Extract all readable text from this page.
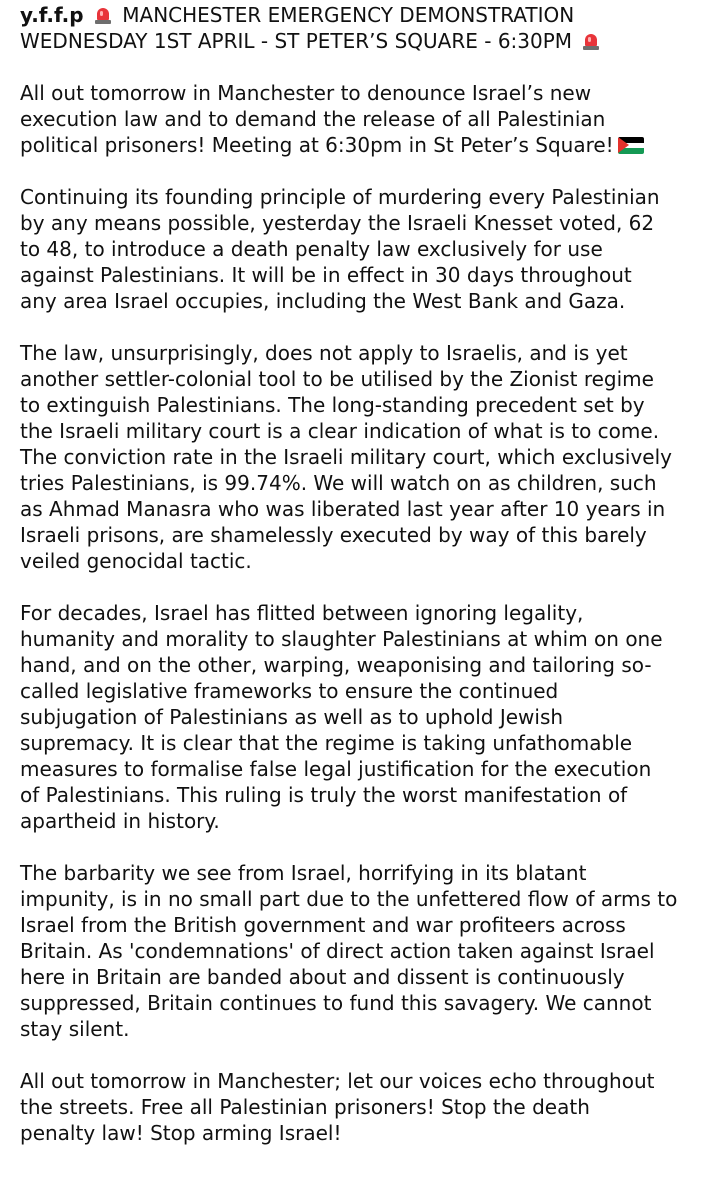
y.f.f.p MANCHESTER EMERGENCY DEMONSTRATION
WEDNESDAY 1ST APRIL - ST PETER’S SQUARE - 6:30PM
All out tomorrow in Manchester to denounce Israel’s new
execution law and to demand the release of all Palestinian
political prisoners! Meeting at 6:30pm in St Peter’s Square!
Continuing its founding principle of murdering every Palestinian
by any means possible, yesterday the Israeli Knesset voted, 62
to 48, to introduce a death penalty law exclusively for use
against Palestinians. It will be in effect in 30 days throughout
any area Israel occupies, including the West Bank and Gaza.
The law, unsurprisingly, does not apply to Israelis, and is yet
another settler-colonial tool to be utilised by the Zionist regime
to extinguish Palestinians. The long-standing precedent set by
the Israeli military court is a clear indication of what is to come.
The conviction rate in the Israeli military court, which exclusively
tries Palestinians, is 99.74%. We will watch on as children, such
as Ahmad Manasra who was liberated last year after 10 years in
Israeli prisons, are shamelessly executed by way of this barely
veiled genocidal tactic.
For decades, Israel has flitted between ignoring legality,
humanity and morality to slaughter Palestinians at whim on one
hand, and on the other, warping, weaponising and tailoring so-
called legislative frameworks to ensure the continued
subjugation of Palestinians as well as to uphold Jewish
supremacy. It is clear that the regime is taking unfathomable
measures to formalise false legal justification for the execution
of Palestinians. This ruling is truly the worst manifestation of
apartheid in history.
The barbarity we see from Israel, horrifying in its blatant
impunity, is in no small part due to the unfettered flow of arms to
Israel from the British government and war profiteers across
Britain. As 'condemnations' of direct action taken against Israel
here in Britain are banded about and dissent is continuously
suppressed, Britain continues to fund this savagery. We cannot
stay silent.
All out tomorrow in Manchester; let our voices echo throughout
the streets. Free all Palestinian prisoners! Stop the death
penalty law! Stop arming Israel!
